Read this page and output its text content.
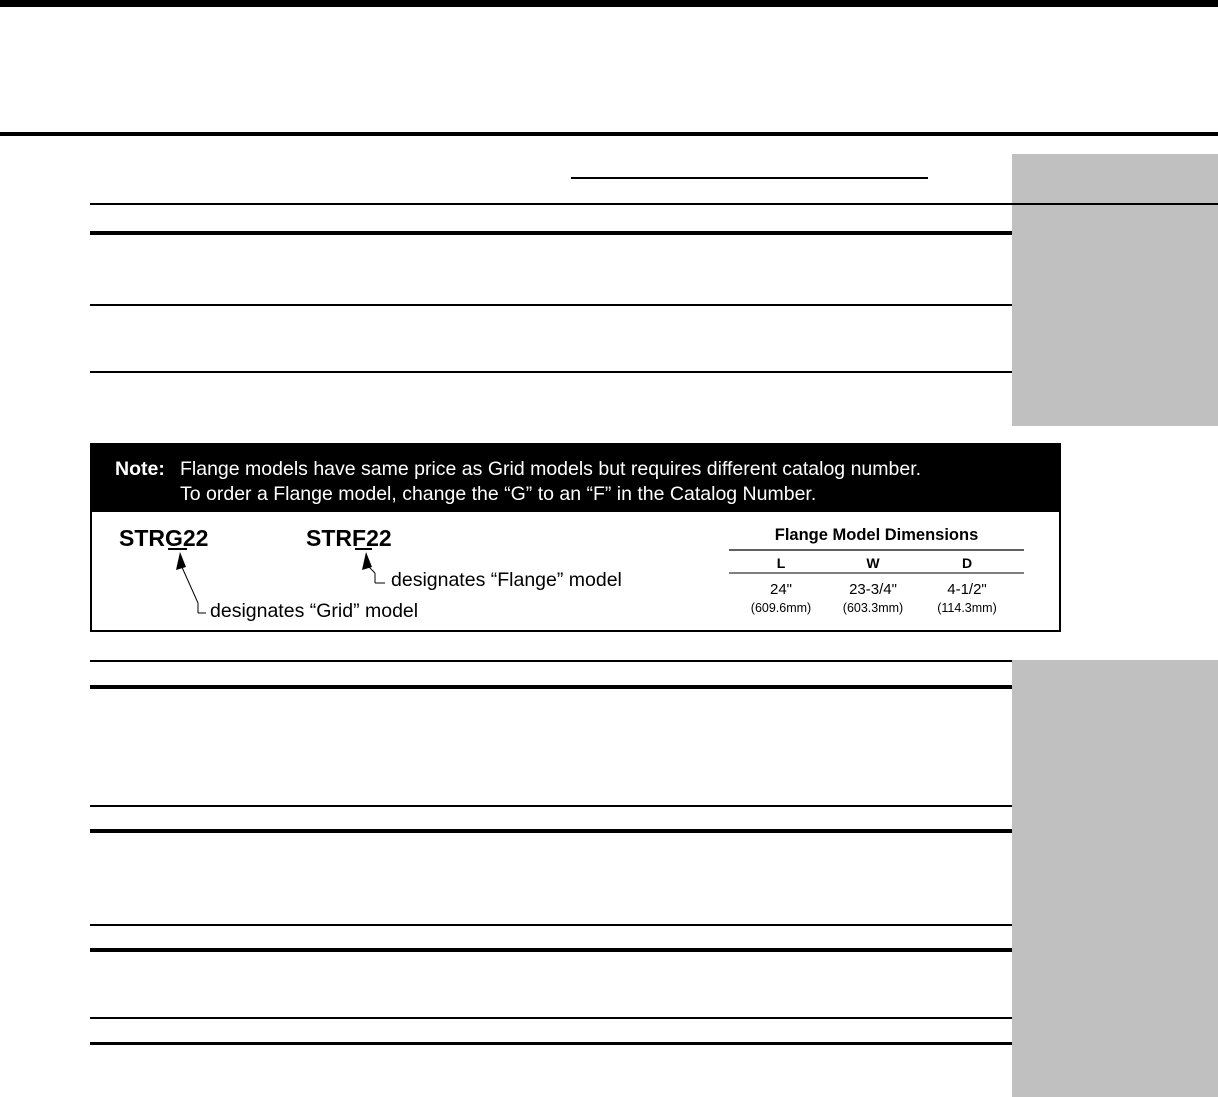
Note: Flange models have same price as Grid models but requires different catalog number.
To order a Flange model, change the “G” to an “F” in the Catalog Number.
STRG22	STRF22
designates “Flange” model
designates “Grid” model
Flange Model Dimensions
L	W	D
24"	23-3/4"	4-1/2"
(609.6mm)	(603.3mm)	(114.3mm)
